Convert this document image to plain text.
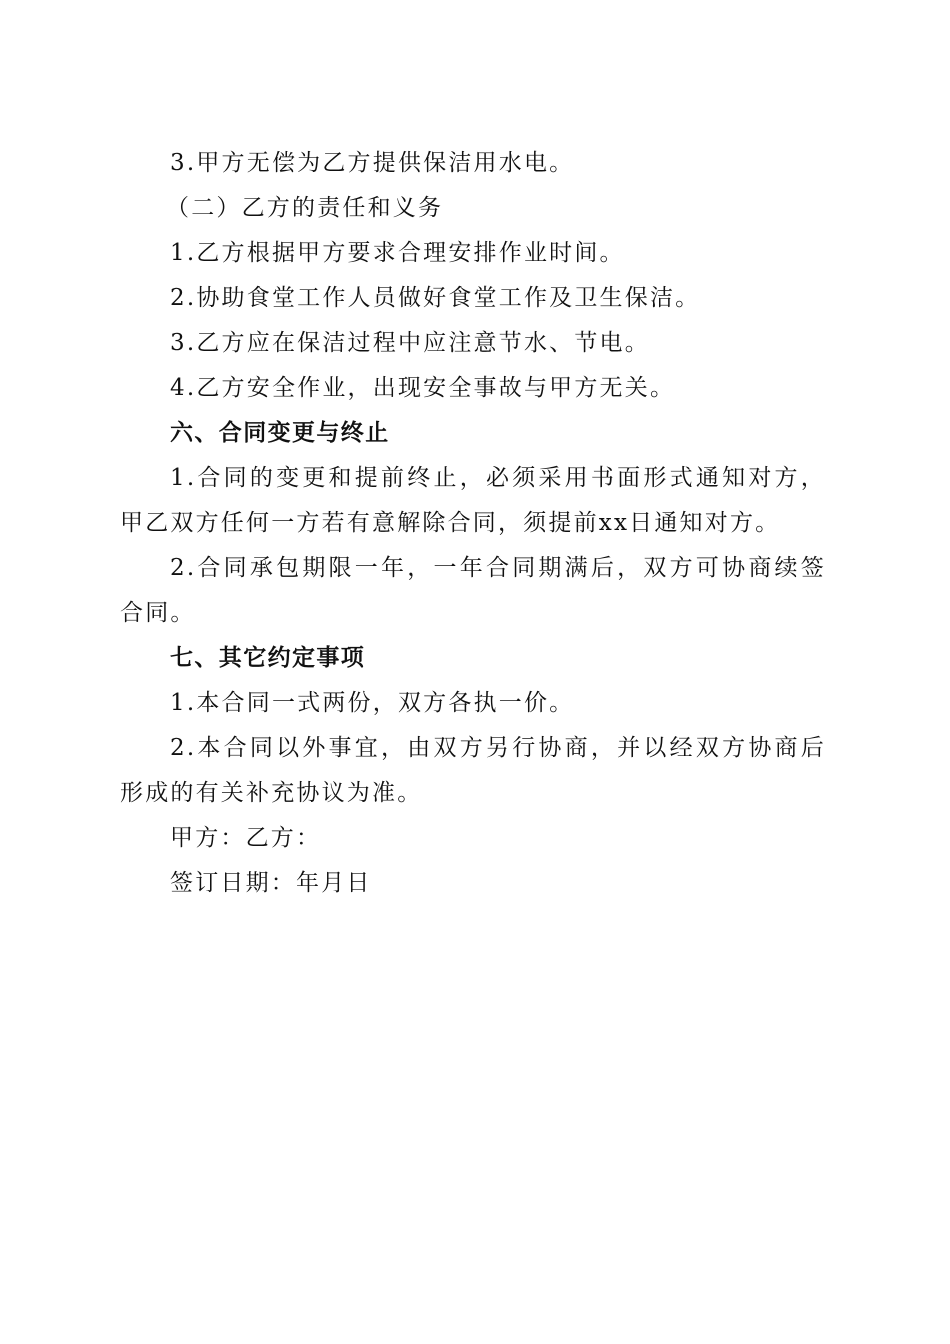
3.甲方无偿为乙方提供保洁用水电。

（二）乙方的责任和义务

1.乙方根据甲方要求合理安排作业时间。

2.协助食堂工作人员做好食堂工作及卫生保洁。

3.乙方应在保洁过程中应注意节水、节电。

4.乙方安全作业，出现安全事故与甲方无关。

六、合同变更与终止

1.合同的变更和提前终止，必须采用书面形式通知对方，甲乙双方任何一方若有意解除合同，须提前xx日通知对方。

2.合同承包期限一年，一年合同期满后，双方可协商续签合同。

七、其它约定事项

1.本合同一式两份，双方各执一价。

2.本合同以外事宜，由双方另行协商，并以经双方协商后形成的有关补充协议为准。

甲方：乙方：

签订日期：年月日
